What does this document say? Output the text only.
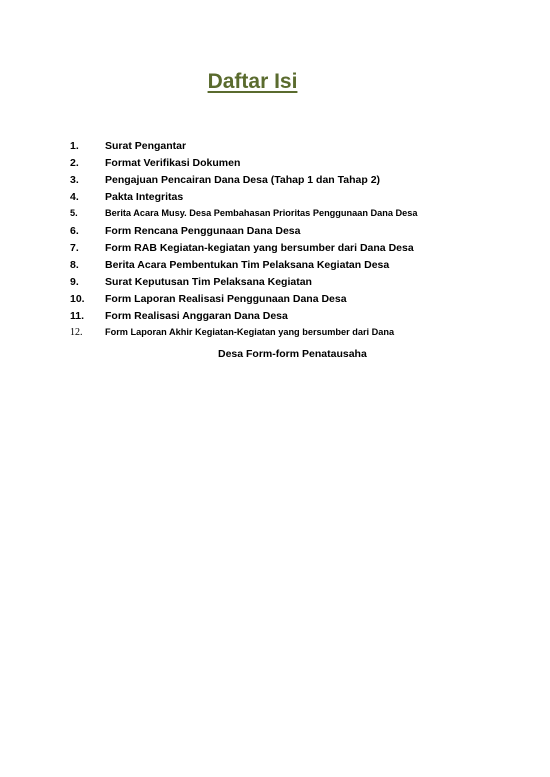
Daftar Isi
1.	Surat Pengantar
2.	Format Verifikasi Dokumen
3.	Pengajuan Pencairan Dana Desa (Tahap 1 dan Tahap 2)
4.	Pakta Integritas
5.	Berita Acara Musy. Desa Pembahasan Prioritas Penggunaan Dana Desa
6.	Form Rencana Penggunaan Dana Desa
7.	Form RAB Kegiatan-kegiatan yang bersumber dari Dana Desa
8.	Berita Acara Pembentukan Tim Pelaksana Kegiatan Desa
9.	Surat Keputusan Tim Pelaksana Kegiatan
10.	Form Laporan Realisasi Penggunaan Dana Desa
11.	Form Realisasi Anggaran Dana Desa
12.	Form Laporan Akhir Kegiatan-Kegiatan yang bersumber dari Dana
Desa Form-form Penatausaha
